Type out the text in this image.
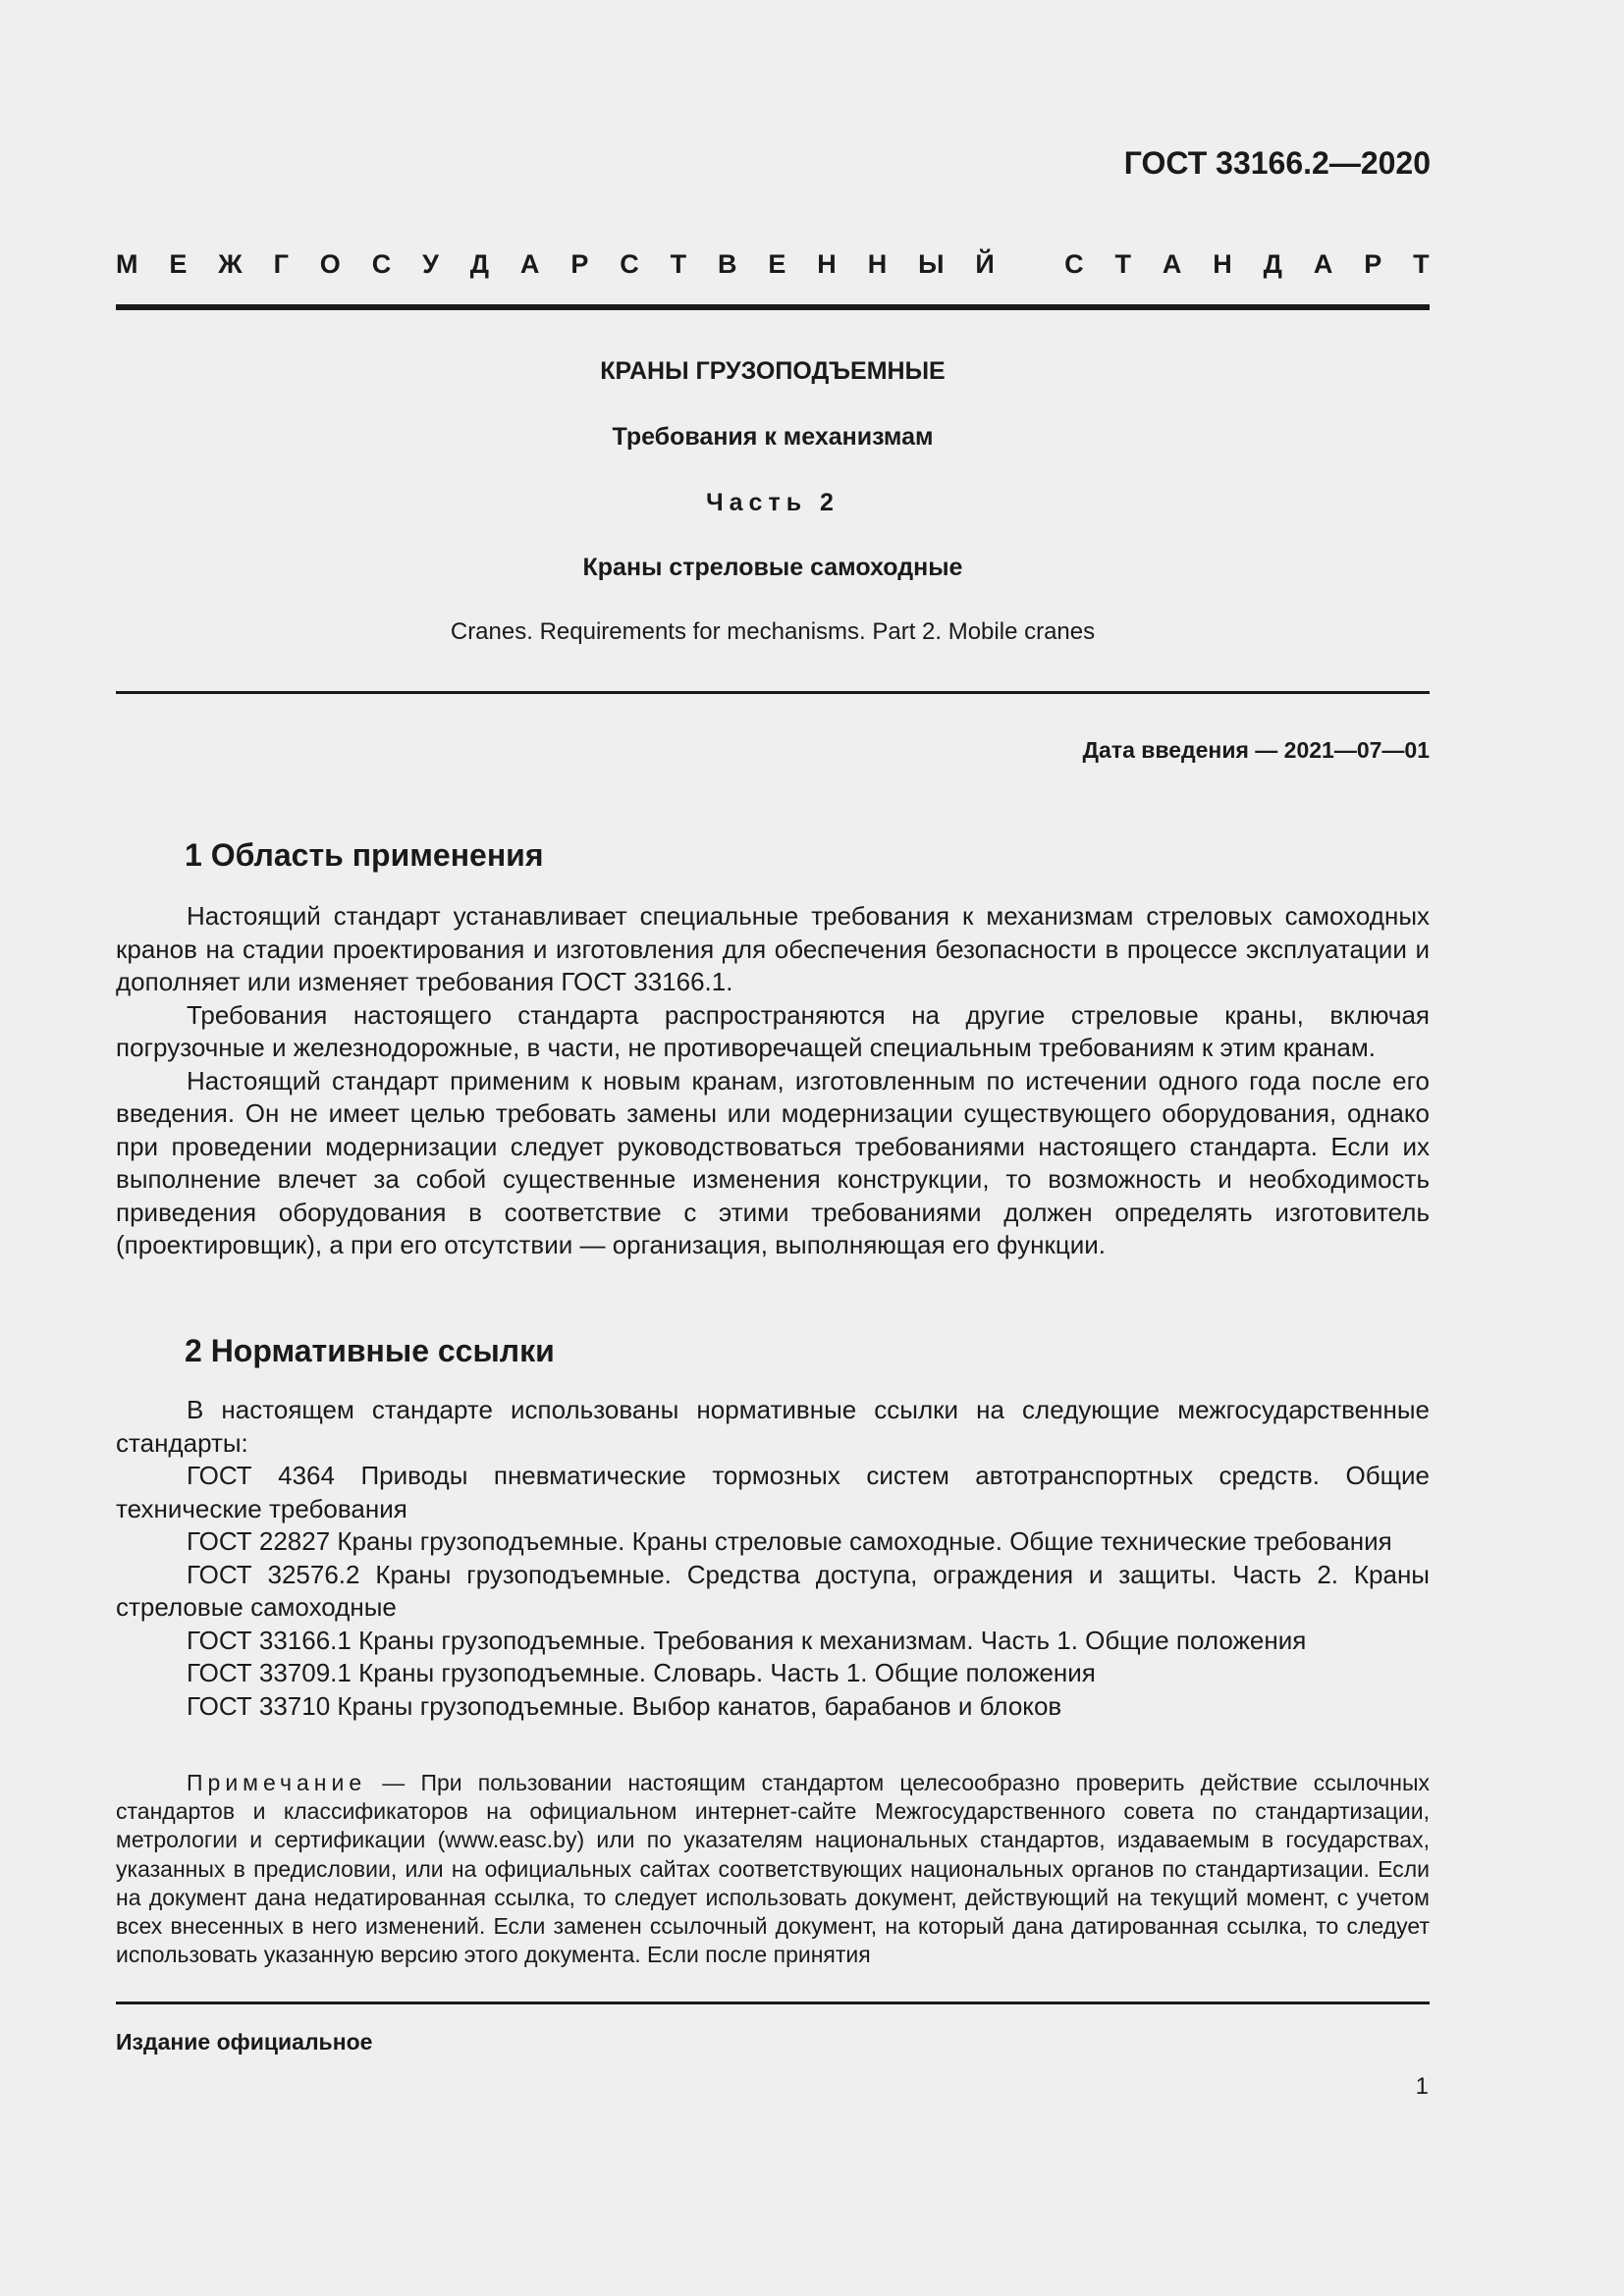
ГОСТ 33166.2—2020
М Е Ж Г О С У Д А Р С Т В Е Н Н Ы Й
	С Т А Н Д А Р Т
КРАНЫ ГРУЗОПОДЪЕМНЫЕ
Требования к механизмам
Часть 2
Краны стреловые самоходные
Cranes. Requirements for mechanisms. Part 2. Mobile cranes
Дата введения — 2021—07—01
1 Область применения

Настоящий стандарт устанавливает специальные требования к механизмам стреловых самоходных кранов на стадии проектирования и изготовления для обеспечения безопасности в процессе эксплуатации и дополняет или изменяет требования ГОСТ 33166.1.

Требования настоящего стандарта распространяются на другие стреловые краны, включая погрузочные и железнодорожные, в части, не противоречащей специальным требованиям к этим кранам.

Настоящий стандарт применим к новым кранам, изготовленным по истечении одного года после его введения. Он не имеет целью требовать замены или модернизации существующего оборудования, однако при проведении модернизации следует руководствоваться требованиями настоящего стандарта. Если их выполнение влечет за собой существенные изменения конструкции, то возможность и необходимость приведения оборудования в соответствие с этими требованиями должен определять изготовитель (проектировщик), а при его отсутствии — организация, выполняющая его функции.

2 Нормативные ссылки

В настоящем стандарте использованы нормативные ссылки на следующие межгосударственные стандарты:

ГОСТ 4364 Приводы пневматические тормозных систем автотранспортных средств. Общие технические требования

ГОСТ 22827 Краны грузоподъемные. Краны стреловые самоходные. Общие технические требования

ГОСТ 32576.2 Краны грузоподъемные. Средства доступа, ограждения и защиты. Часть 2. Краны стреловые самоходные

ГОСТ 33166.1 Краны грузоподъемные. Требования к механизмам. Часть 1. Общие положения

ГОСТ 33709.1 Краны грузоподъемные. Словарь. Часть 1. Общие положения

ГОСТ 33710 Краны грузоподъемные. Выбор канатов, барабанов и блоков

Примечание — При пользовании настоящим стандартом целесообразно проверить действие ссылочных стандартов и классификаторов на официальном интернет-сайте Межгосударственного совета по стандартизации, метрологии и сертификации (www.easc.by) или по указателям национальных стандартов, издаваемым в государствах, указанных в предисловии, или на официальных сайтах соответствующих национальных органов по стандартизации. Если на документ дана недатированная ссылка, то следует использовать документ, действующий на текущий момент, с учетом всех внесенных в него изменений. Если заменен ссылочный документ, на который дана датированная ссылка, то следует использовать указанную версию этого документа. Если после принятия
Издание официальное
1
